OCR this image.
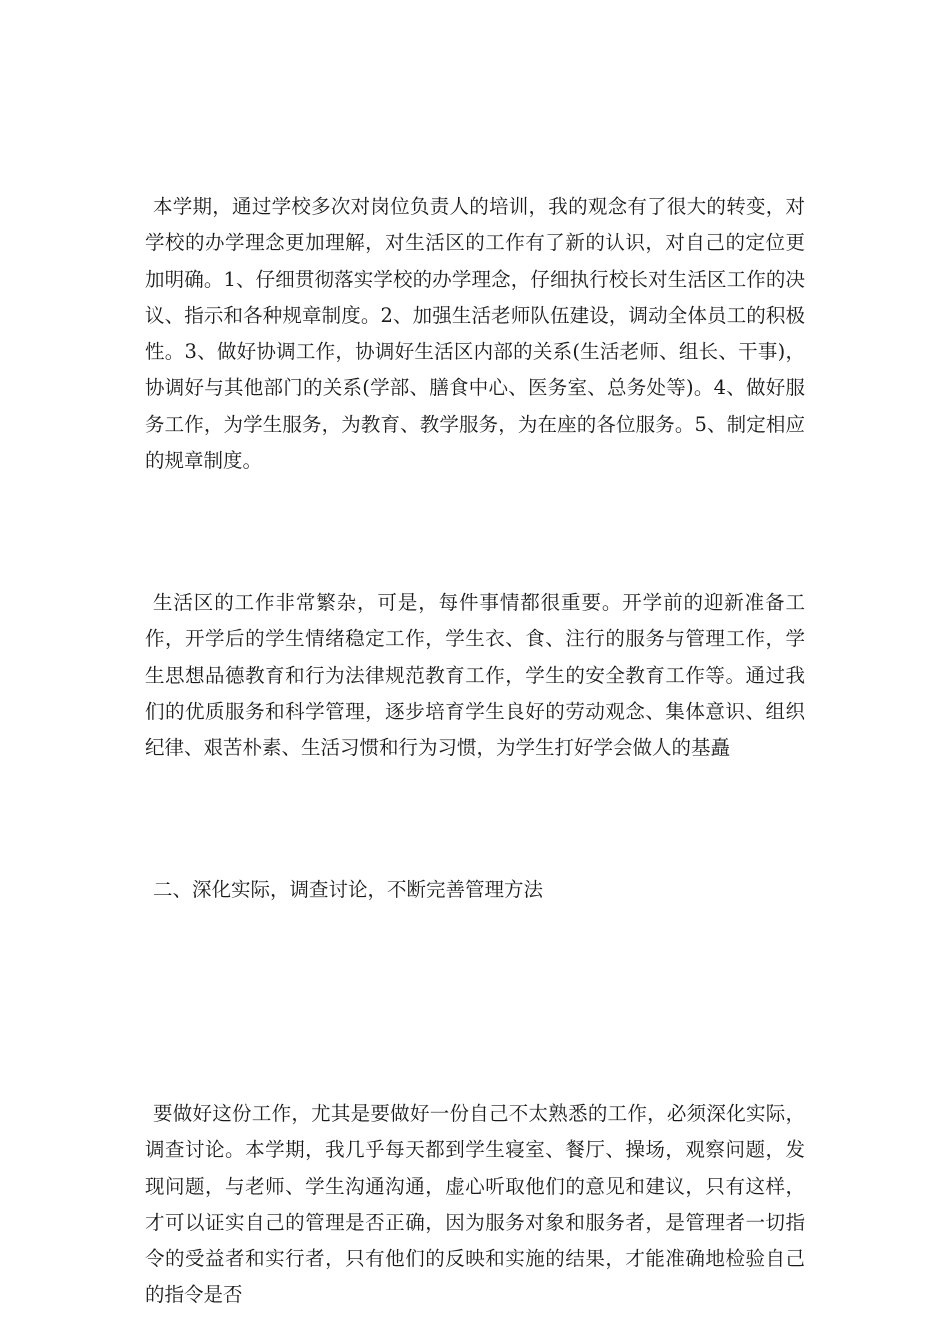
本学期，通过学校多次对岗位负责人的培训，我的观念有了很大的转变，对学校的办学理念更加理解，对生活区的工作有了新的认识，对自己的定位更加明确。1、仔细贯彻落实学校的办学理念，仔细执行校长对生活区工作的决议、指示和各种规章制度。2、加强生活老师队伍建设，调动全体员工的积极性。3、做好协调工作，协调好生活区内部的关系(生活老师、组长、干事)，协调好与其他部门的关系(学部、膳食中心、医务室、总务处等)。4、做好服务工作，为学生服务，为教育、教学服务，为在座的各位服务。5、制定相应的规章制度。

生活区的工作非常繁杂，可是，每件事情都很重要。开学前的迎新准备工作，开学后的学生情绪稳定工作，学生衣、食、注行的服务与管理工作，学生思想品德教育和行为法律规范教育工作，学生的安全教育工作等。通过我们的优质服务和科学管理，逐步培育学生良好的劳动观念、集体意识、组织纪律、艰苦朴素、生活习惯和行为习惯，为学生打好学会做人的基矗

二、深化实际，调查讨论，不断完善管理方法

要做好这份工作，尤其是要做好一份自己不太熟悉的工作，必须深化实际，调查讨论。本学期，我几乎每天都到学生寝室、餐厅、操场，观察问题，发现问题，与老师、学生沟通沟通，虚心听取他们的意见和建议，只有这样，才可以证实自己的管理是否正确，因为服务对象和服务者，是管理者一切指令的受益者和实行者，只有他们的反映和实施的结果，才能准确地检验自己的指令是否
